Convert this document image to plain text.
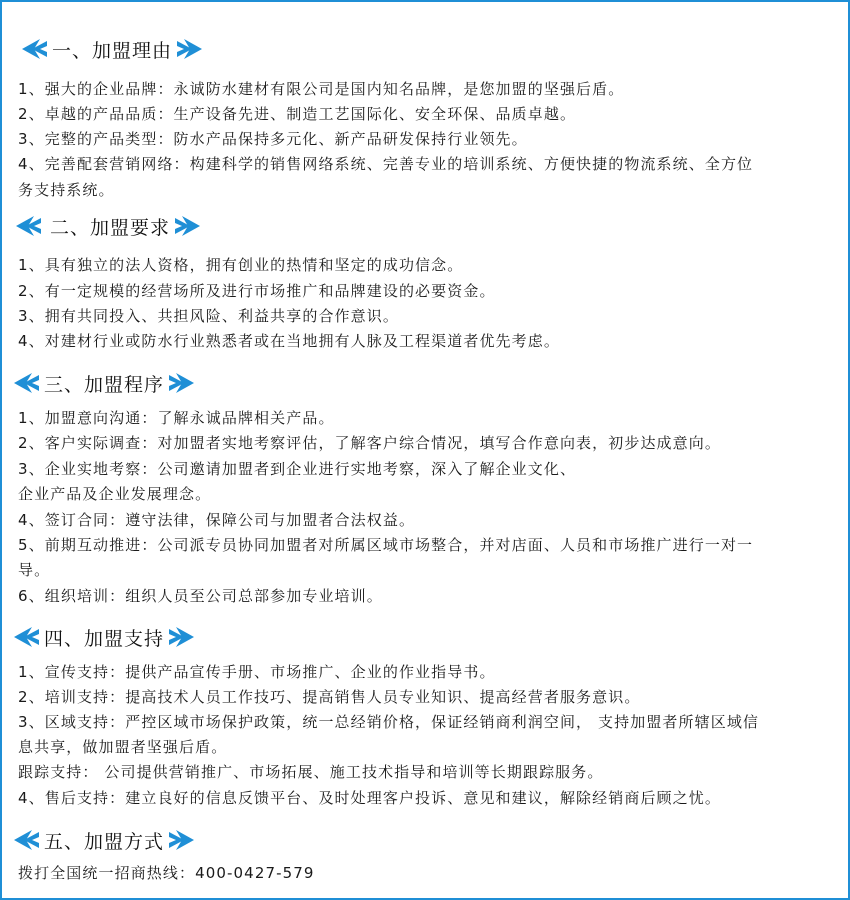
一、加盟理由
1、强大的企业品牌：永诚防水建材有限公司是国内知名品牌，是您加盟的坚强后盾。
2、卓越的产品品质：生产设备先进、制造工艺国际化、安全环保、品质卓越。
3、完整的产品类型：防水产品保持多元化、新产品研发保持行业领先。
4、完善配套营销网络：构建科学的销售网络系统、完善专业的培训系统、方便快捷的物流系统、全方位
务支持系统。
二、加盟要求
1、具有独立的法人资格，拥有创业的热情和坚定的成功信念。
2、有一定规模的经营场所及进行市场推广和品牌建设的必要资金。
3、拥有共同投入、共担风险、利益共享的合作意识。
4、对建材行业或防水行业熟悉者或在当地拥有人脉及工程渠道者优先考虑。
三、加盟程序
1、加盟意向沟通：了解永诚品牌相关产品。
2、客户实际调查：对加盟者实地考察评估，了解客户综合情况，填写合作意向表，初步达成意向。
3、企业实地考察：公司邀请加盟者到企业进行实地考察，深入了解企业文化、
企业产品及企业发展理念。
4、签订合同：遵守法律，保障公司与加盟者合法权益。
5、前期互动推进：公司派专员协同加盟者对所属区域市场整合，并对店面、人员和市场推广进行一对一
导。
6、组织培训：组织人员至公司总部参加专业培训。
四、加盟支持
1、宣传支持：提供产品宣传手册、市场推广、企业的作业指导书。
2、培训支持：提高技术人员工作技巧、提高销售人员专业知识、提高经营者服务意识。
3、区域支持：严控区域市场保护政策，统一总经销价格，保证经销商利润空间， 支持加盟者所辖区域信
息共享，做加盟者坚强后盾。
跟踪支持： 公司提供营销推广、市场拓展、施工技术指导和培训等长期跟踪服务。
4、售后支持：建立良好的信息反馈平台、及时处理客户投诉、意见和建议，解除经销商后顾之忧。
五、加盟方式
拨打全国统一招商热线：400-0427-579
